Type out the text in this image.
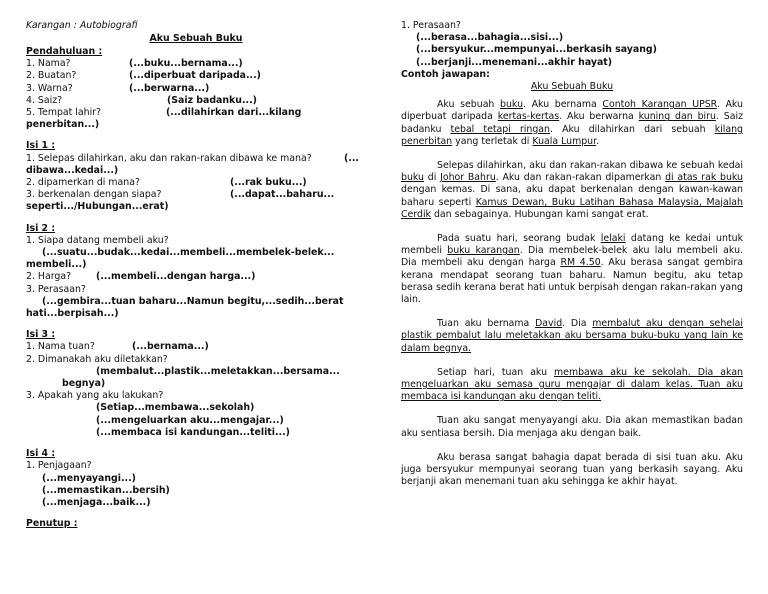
Karangan : Autobiografi
Aku Sebuah Buku
Pendahuluan :
1. Nama?	(...buku...bernama...)
2. Buatan?	(...diperbuat daripada...)
3. Warna?	(...berwarna...)
4. Saiz?	(Saiz badanku...)
5. Tempat lahir?	(...dilahirkan dari...kilang
penerbitan...)
Isi 1 :
1. Selepas dilahirkan, aku dan rakan-rakan dibawa ke mana?	(...
dibawa...kedai...)
2. dipamerkan di mana?	(...rak buku...)
3. berkenalan dengan siapa?	(...dapat...baharu...
seperti.../Hubungan...erat)
Isi 2 :
1. Siapa datang membeli aku?
(...suatu...budak...kedai...membeli...membelek-belek...
membeli...)
2. Harga?	(...membeli...dengan harga...)
3. Perasaan?
(...gembira...tuan baharu...Namun begitu,...sedih...berat
hati...berpisah...)
Isi 3 :
1. Nama tuan?	(...bernama...)
2. Dimanakah aku diletakkan?
(membalut...plastik...meletakkan...bersama...
begnya)
3. Apakah yang aku lakukan?
(Setiap...membawa...sekolah)
(...mengeluarkan aku...mengajar...)
(...membaca isi kandungan...teliti...)
Isi 4 :
1. Penjagaan?
(...menyayangi...)
(...memastikan...bersih)
(...menjaga...baik...)
Penutup :
1. Perasaan?
(...berasa...bahagia...sisi...)
(...bersyukur...mempunyai...berkasih sayang)
(...berjanji...menemani...akhir hayat)
Contoh jawapan:
Aku Sebuah Buku

Aku sebuah buku. Aku bernama Contoh Karangan UPSR. Aku diperbuat daripada kertas-kertas. Aku berwarna kuning dan biru. Saiz badanku tebal tetapi ringan. Aku dilahirkan dari sebuah kilang penerbitan yang terletak di Kuala Lumpur.

Selepas dilahirkan, aku dan rakan-rakan dibawa ke sebuah kedai buku di Johor Bahru. Aku dan rakan-rakan dipamerkan di atas rak buku dengan kemas. Di sana, aku dapat berkenalan dengan kawan-kawan baharu seperti Kamus Dewan, Buku Latihan Bahasa Malaysia, Majalah Cerdik dan sebagainya. Hubungan kami sangat erat.

Pada suatu hari, seorang budak lelaki datang ke kedai untuk membeli buku karangan. Dia membelek-belek aku lalu membeli aku. Dia membeli aku dengan harga RM 4.50. Aku berasa sangat gembira kerana mendapat seorang tuan baharu. Namun begitu, aku tetap berasa sedih kerana berat hati untuk berpisah dengan rakan-rakan yang lain.

Tuan aku bernama David. Dia membalut aku dengan sehelai plastik pembalut lalu meletakkan aku bersama buku-buku yang lain ke dalam begnya.

Setiap hari, tuan aku membawa aku ke sekolah. Dia akan mengeluarkan aku semasa guru mengajar di dalam kelas. Tuan aku membaca isi kandungan aku dengan teliti.

Tuan aku sangat menyayangi aku. Dia akan memastikan badan aku sentiasa bersih. Dia menjaga aku dengan baik.

Aku berasa sangat bahagia dapat berada di sisi tuan aku. Aku juga bersyukur mempunyai seorang tuan yang berkasih sayang. Aku berjanji akan menemani tuan aku sehingga ke akhir hayat.
